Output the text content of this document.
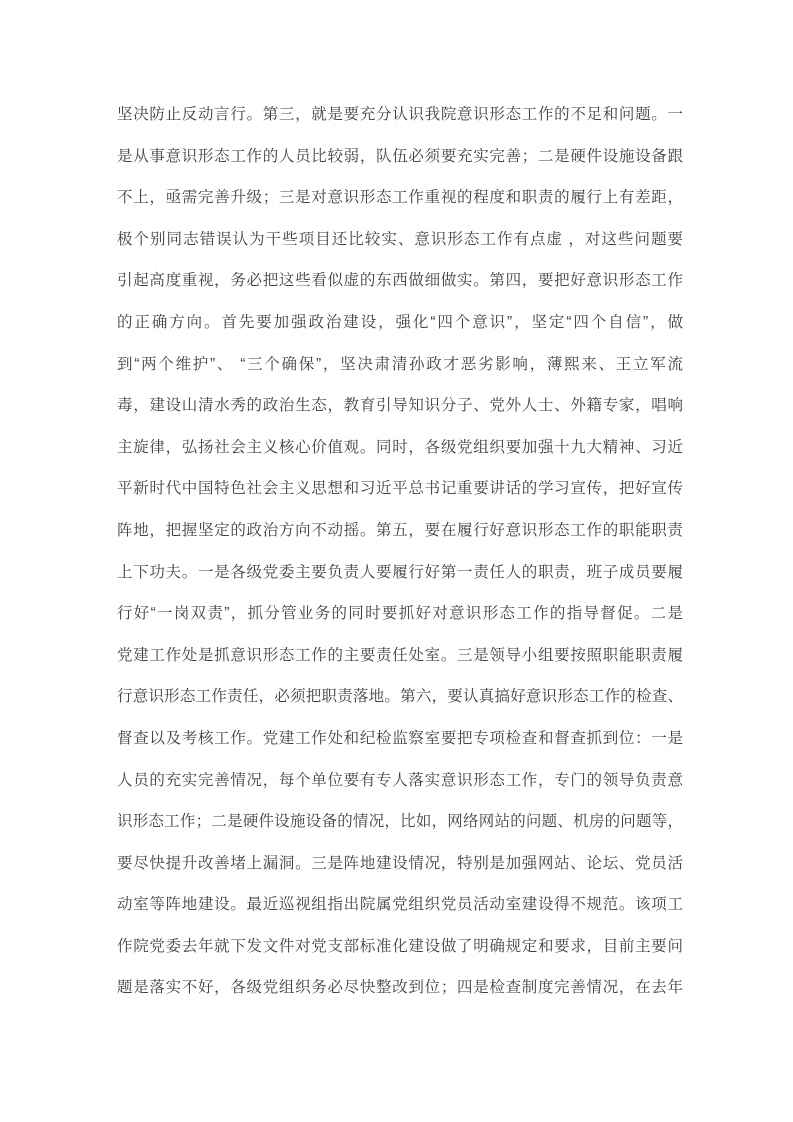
坚决防止反动言行。第三，就是要充分认识我院意识形态工作的不足和问题。一
是从事意识形态工作的人员比较弱，队伍必须要充实完善；二是硬件设施设备跟
不上，亟需完善升级；三是对意识形态工作重视的程度和职责的履行上有差距，
极个别同志错误认为干些项目还比较实、意识形态工作有点虚 ，对这些问题要
引起高度重视，务必把这些看似虚的东西做细做实。第四，要把好意识形态工作
的正确方向。首先要加强政治建设，强化“四个意识”，坚定“四个自信”，做
到“两个维护”、 “三个确保”，坚决肃清孙政才恶劣影响，薄熙来、王立军流
毒，建设山清水秀的政治生态，教育引导知识分子、党外人士、外籍专家，唱响
主旋律，弘扬社会主义核心价值观。同时，各级党组织要加强十九大精神、习近
平新时代中国特色社会主义思想和习近平总书记重要讲话的学习宣传，把好宣传
阵地，把握坚定的政治方向不动摇。第五，要在履行好意识形态工作的职能职责
上下功夫。一是各级党委主要负责人要履行好第一责任人的职责，班子成员要履
行好“一岗双责”，抓分管业务的同时要抓好对意识形态工作的指导督促。二是
党建工作处是抓意识形态工作的主要责任处室。三是领导小组要按照职能职责履
行意识形态工作责任，必须把职责落地。第六，要认真搞好意识形态工作的检查、
督查以及考核工作。党建工作处和纪检监察室要把专项检查和督查抓到位：一是
人员的充实完善情况，每个单位要有专人落实意识形态工作，专门的领导负责意
识形态工作；二是硬件设施设备的情况，比如，网络网站的问题、机房的问题等，
要尽快提升改善堵上漏洞。三是阵地建设情况，特别是加强网站、论坛、党员活
动室等阵地建设。最近巡视组指出院属党组织党员活动室建设得不规范。该项工
作院党委去年就下发文件对党支部标准化建设做了明确规定和要求，目前主要问
题是落实不好，各级党组织务必尽快整改到位；四是检查制度完善情况，在去年
